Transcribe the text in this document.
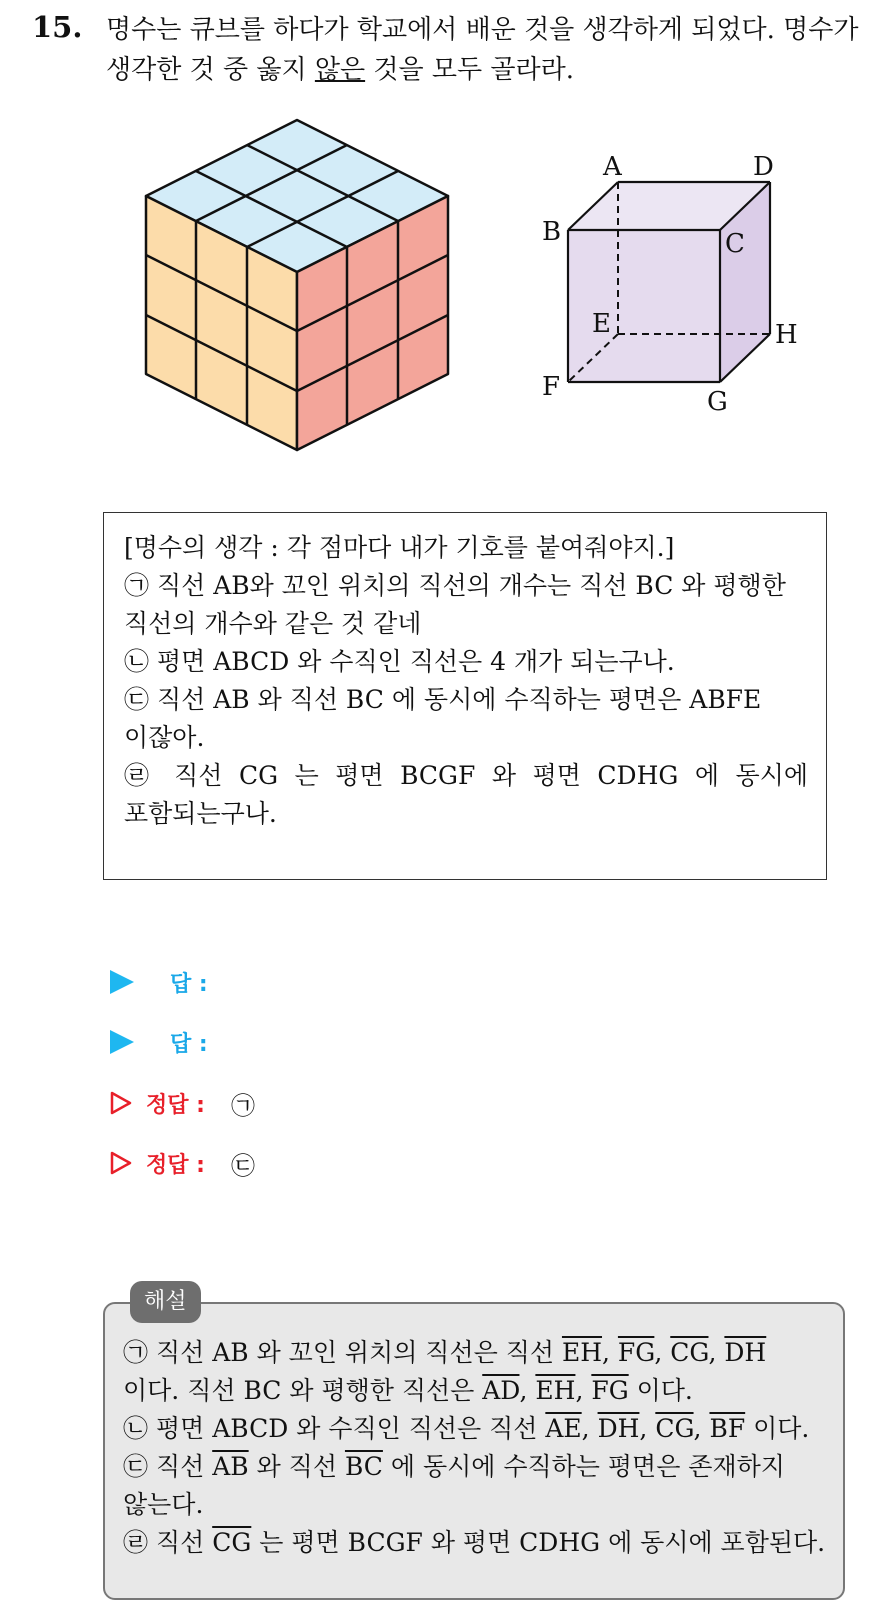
15. 명수는 큐브를 하다가 학교에서 배운 것을 생각하게 되었다. 명수가
생각한 것 중 옳지 않은 것을 모두 골라라.
A	D
B	C
E	H
F	G

[명수의 생각 : 각 점마다 내가 기호를 붙여줘야지.]

㉠ 직선 AB와 꼬인 위치의 직선의 개수는 직선 BC 와 평행한

직선의 개수와 같은 것 같네

㉡ 평면 ABCD 와 수직인 직선은 4 개가 되는구나.

㉢ 직선 AB 와 직선 BC 에 동시에 수직하는 평면은 ABFE

이잖아.

㉣ 직선 CG 는 평면 BCGF 와 평면 CDHG 에 동시에

포함되는구나.

답 :
답 :
정답 : ㉠
정답 : ㉢

㉠ 직선 AB 와 꼬인 위치의 직선은 직선 $\overline{EH}$, $\overline{FG}$, $\overline{CG}$, $\overline{DH}$

이다. 직선 BC 와 평행한 직선은 $\overline{AD}$, $\overline{EH}$, $\overline{FG}$ 이다.

㉡ 평면 ABCD 와 수직인 직선은 직선 $\overline{AE}$, $\overline{DH}$, $\overline{CG}$, $\overline{BF}$ 이다.

㉢ 직선 $\overline{AB}$ 와 직선 $\overline{BC}$ 에 동시에 수직하는 평면은 존재하지

않는다.

㉣ 직선 $\overline{CG}$ 는 평면 BCGF 와 평면 CDHG 에 동시에 포함된다.

해설
